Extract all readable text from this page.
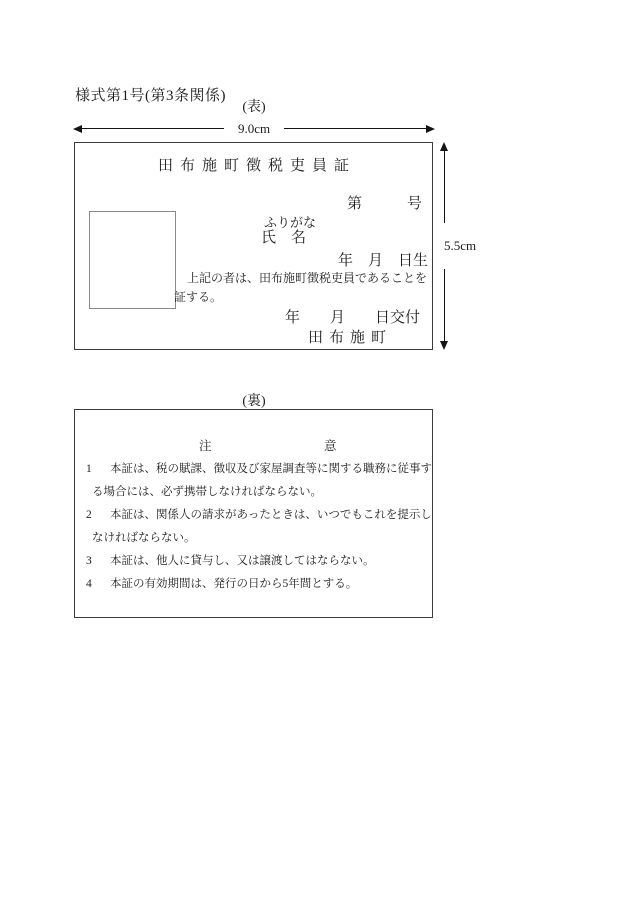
様式第1号(第3条関係)
(表)
9.0cm
5.5cm
田布施町徴税吏員証
第　　　号
ふりがな
氏　名
年　月　日生
上記の者は、田布施町徴税吏員であることを
証する。
年　　月　　日交付
田布施町
(裏)
注　　　　　　　　　意
1 本証は、税の賦課、徴収及び家屋調査等に関する職務に従事す
る場合には、必ず携帯しなければならない。
2 本証は、関係人の請求があったときは、いつでもこれを提示し
なければならない。
3 本証は、他人に貸与し、又は譲渡してはならない。
4 本証の有効期間は、発行の日から5年間とする。
